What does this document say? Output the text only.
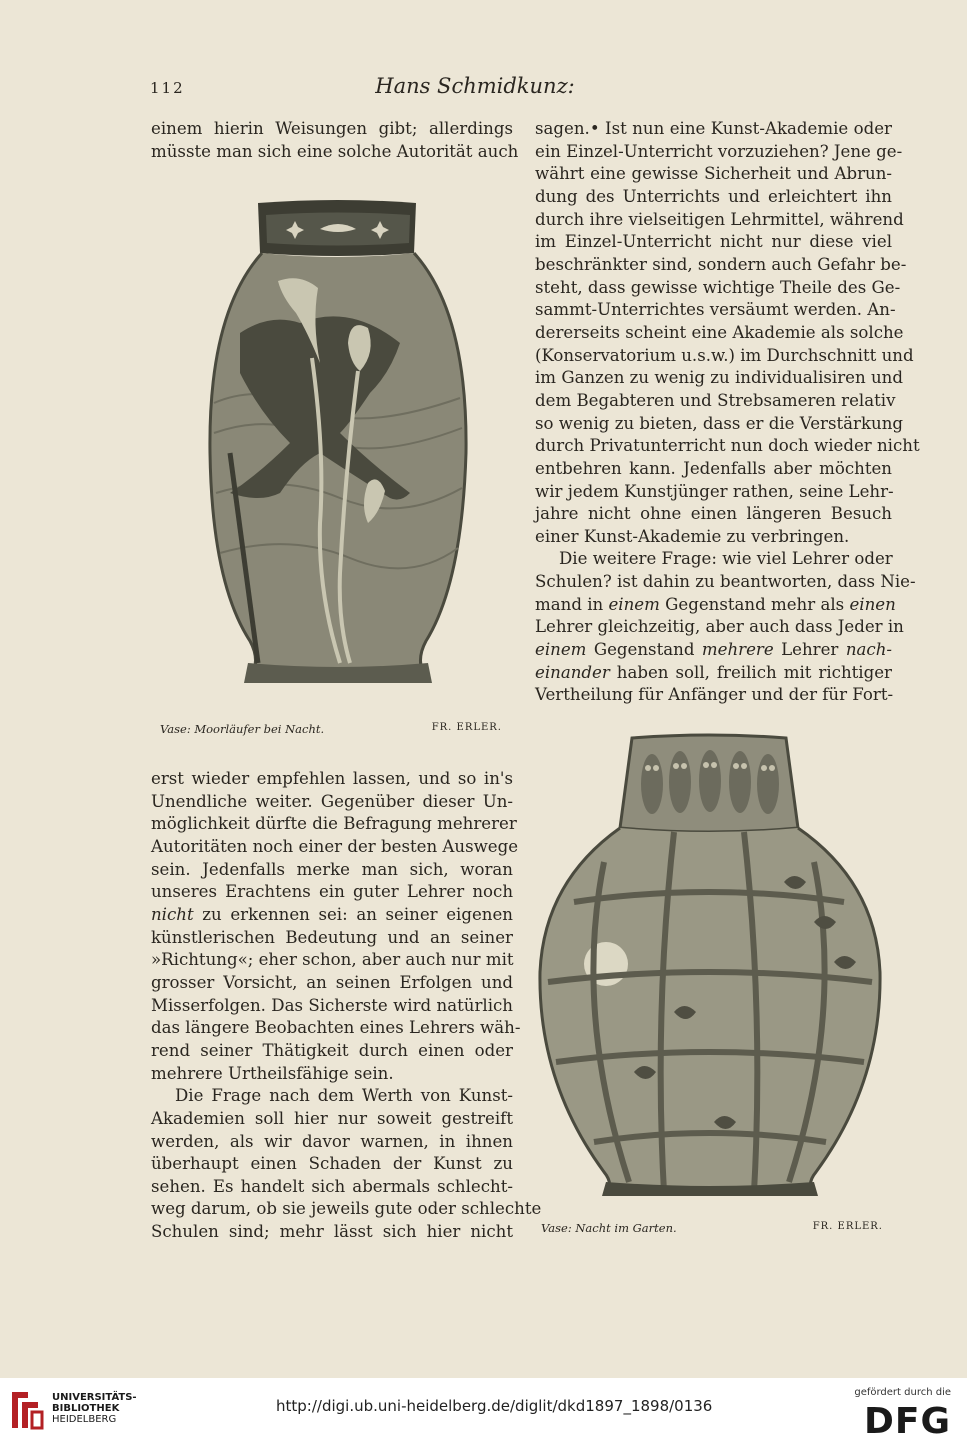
112	Hans Schmidkunz:
einem hierin Weisungen gibt; allerdings
müsste man sich eine solche Autorität auch
Vase: Moorläufer bei Nacht.	FR. ERLER.

sagen.• Ist nun eine Kunst-Akademie oder
ein Einzel-Unterricht vorzuziehen? Jene ge-
währt eine gewisse Sicherheit und Abrun-
dung des Unterrichts und erleichtert ihn
durch ihre vielseitigen Lehrmittel, während
im Einzel-Unterricht nicht nur diese viel
beschränkter sind, sondern auch Gefahr be-
steht, dass gewisse wichtige Theile des Ge-
sammt-Unterrichtes versäumt werden. An-
dererseits scheint eine Akademie als solche
(Konservatorium u.s.w.) im Durchschnitt und
im Ganzen zu wenig zu individualisiren und
dem Begabteren und Strebsameren relativ
so wenig zu bieten, dass er die Verstärkung
durch Privatunterricht nun doch wieder nicht
entbehren kann. Jedenfalls aber möchten
wir jedem Kunstjünger rathen, seine Lehr-
jahre nicht ohne einen längeren Besuch
einer Kunst-Akademie zu verbringen.

Die weitere Frage: wie viel Lehrer oder
Schulen? ist dahin zu beantworten, dass Nie-
mand in einem Gegenstand mehr als einen
Lehrer gleichzeitig, aber auch dass Jeder in
einem Gegenstand mehrere Lehrer nach-
einander haben soll, freilich mit richtiger
Vertheilung für Anfänger und der für Fort-

erst wieder empfehlen lassen, und so in's
Unendliche weiter. Gegenüber dieser Un-
möglichkeit dürfte die Befragung mehrerer
Autoritäten noch einer der besten Auswege
sein. Jedenfalls merke man sich, woran
unseres Erachtens ein guter Lehrer noch
nicht zu erkennen sei: an seiner eigenen
künstlerischen Bedeutung und an seiner
»Richtung«; eher schon, aber auch nur mit
grosser Vorsicht, an seinen Erfolgen und
Misserfolgen. Das Sicherste wird natürlich
das längere Beobachten eines Lehrers wäh-
rend seiner Thätigkeit durch einen oder
mehrere Urtheilsfähige sein.

Die Frage nach dem Werth von Kunst-
Akademien soll hier nur soweit gestreift
werden, als wir davor warnen, in ihnen
überhaupt einen Schaden der Kunst zu
sehen. Es handelt sich abermals schlecht-
weg darum, ob sie jeweils gute oder schlechte
Schulen sind; mehr lässt sich hier nicht Vase: Nacht im Garten.	FR. ERLER.
UNIVERSITÄTS-
BIBLIOTHEK
HEIDELBERG
http://digi.ub.uni-heidelberg.de/diglit/dkd1897_1898/0136
gefördert durch die
DFG
